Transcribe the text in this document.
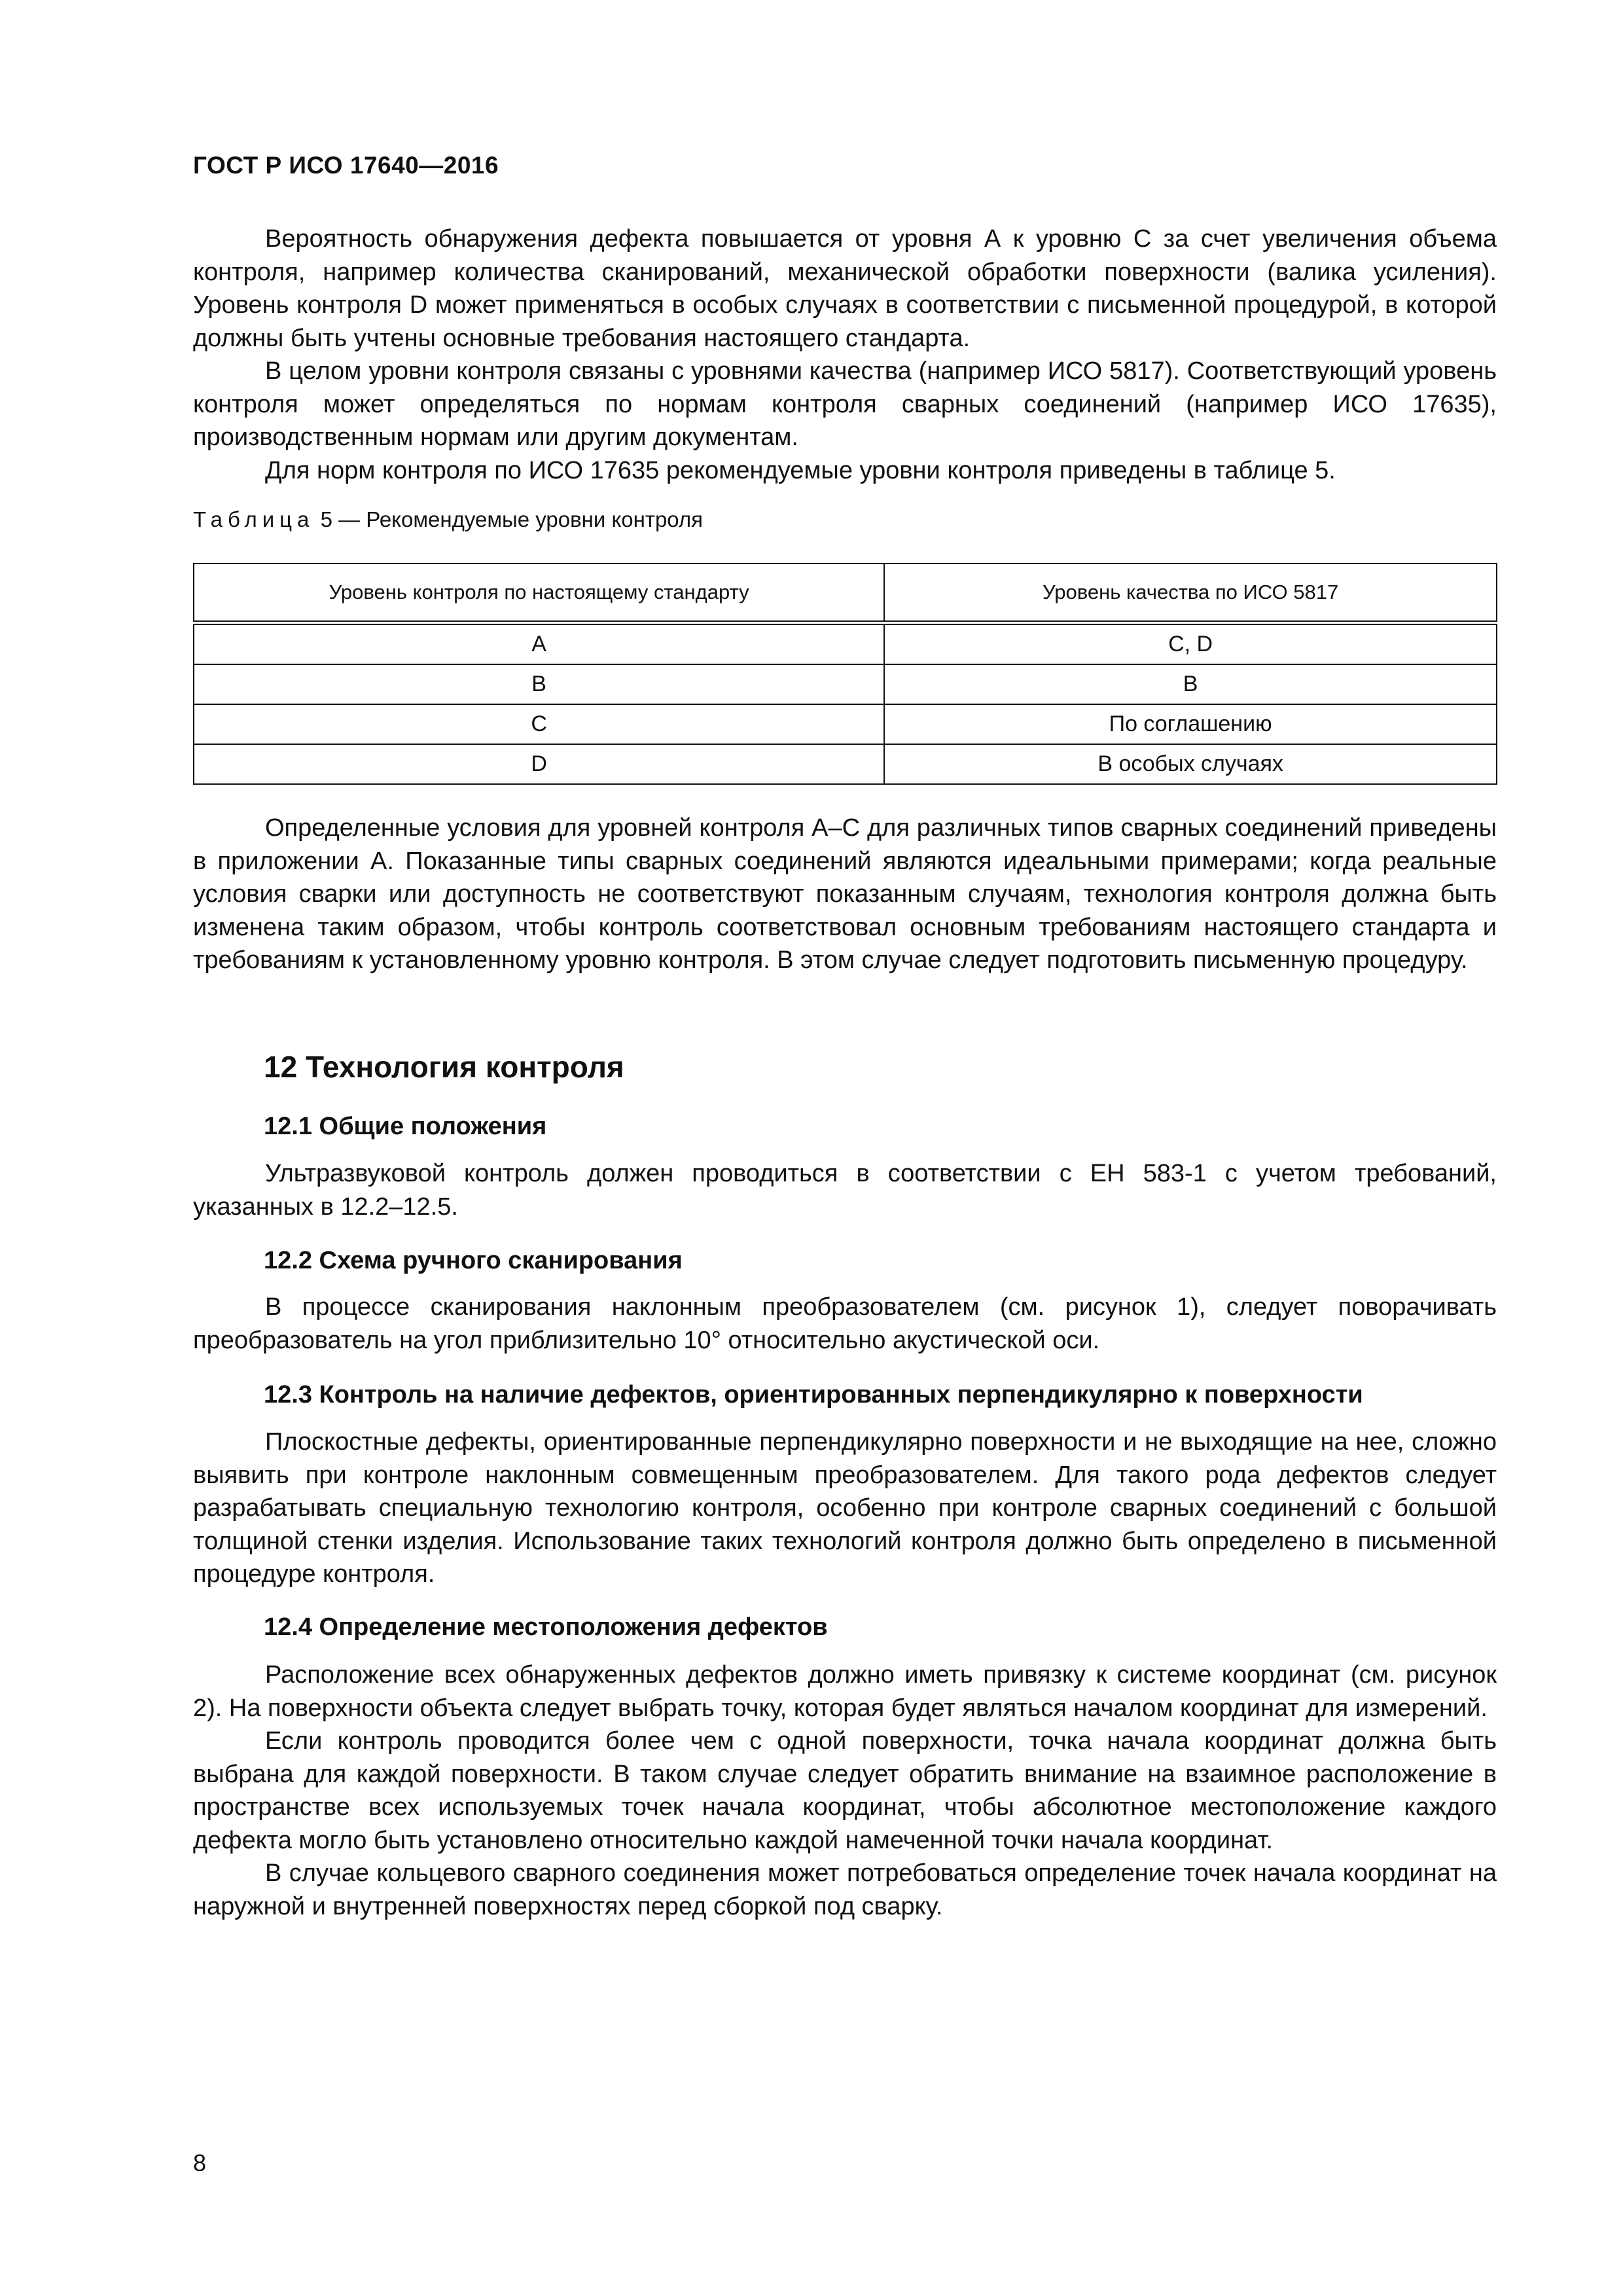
ГОСТ Р ИСО 17640—2016

Вероятность обнаружения дефекта повышается от уровня А к уровню С за счет увеличения объема контроля, например количества сканирований, механической обработки поверхности (валика усиления). Уровень контроля D может применяться в особых случаях в соответствии с письменной процедурой, в которой должны быть учтены основные требования настоящего стандарта.

В целом уровни контроля связаны с уровнями качества (например ИСО 5817). Соответствующий уровень контроля может определяться по нормам контроля сварных соединений (например ИСО 17635), производственным нормам или другим документам.

Для норм контроля по ИСО 17635 рекомендуемые уровни контроля приведены в таблице 5.

Таблица 5 — Рекомендуемые уровни контроля
Уровень контроля по настоящему стандарту	Уровень качества по ИСО 5817
A	C, D
B	B
C	По соглашению
D	В особых случаях

Определенные условия для уровней контроля А–С для различных типов сварных соединений приведены в приложении А. Показанные типы сварных соединений являются идеальными примерами; когда реальные условия сварки или доступность не соответствуют показанным случаям, технология контроля должна быть изменена таким образом, чтобы контроль соответствовал основным требованиям настоящего стандарта и требованиям к установленному уровню контроля. В этом случае следует подготовить письменную процедуру.

12 Технология контроля
12.1 Общие положения

Ультразвуковой контроль должен проводиться в соответствии с ЕН 583-1 с учетом требований, указанных в 12.2–12.5.

12.2 Схема ручного сканирования

В процессе сканирования наклонным преобразователем (см. рисунок 1), следует поворачивать преобразователь на угол приблизительно 10° относительно акустической оси.

12.3 Контроль на наличие дефектов, ориентированных перпендикулярно к поверхности

Плоскостные дефекты, ориентированные перпендикулярно поверхности и не выходящие на нее, сложно выявить при контроле наклонным совмещенным преобразователем. Для такого рода дефектов следует разрабатывать специальную технологию контроля, особенно при контроле сварных соединений с большой толщиной стенки изделия. Использование таких технологий контроля должно быть определено в письменной процедуре контроля.

12.4 Определение местоположения дефектов

Расположение всех обнаруженных дефектов должно иметь привязку к системе координат (см. рисунок 2). На поверхности объекта следует выбрать точку, которая будет являться началом координат для измерений.

Если контроль проводится более чем с одной поверхности, точка начала координат должна быть выбрана для каждой поверхности. В таком случае следует обратить внимание на взаимное расположение в пространстве всех используемых точек начала координат, чтобы абсолютное местоположение каждого дефекта могло быть установлено относительно каждой намеченной точки начала координат.

В случае кольцевого сварного соединения может потребоваться определение точек начала координат на наружной и внутренней поверхностях перед сборкой под сварку.

8
